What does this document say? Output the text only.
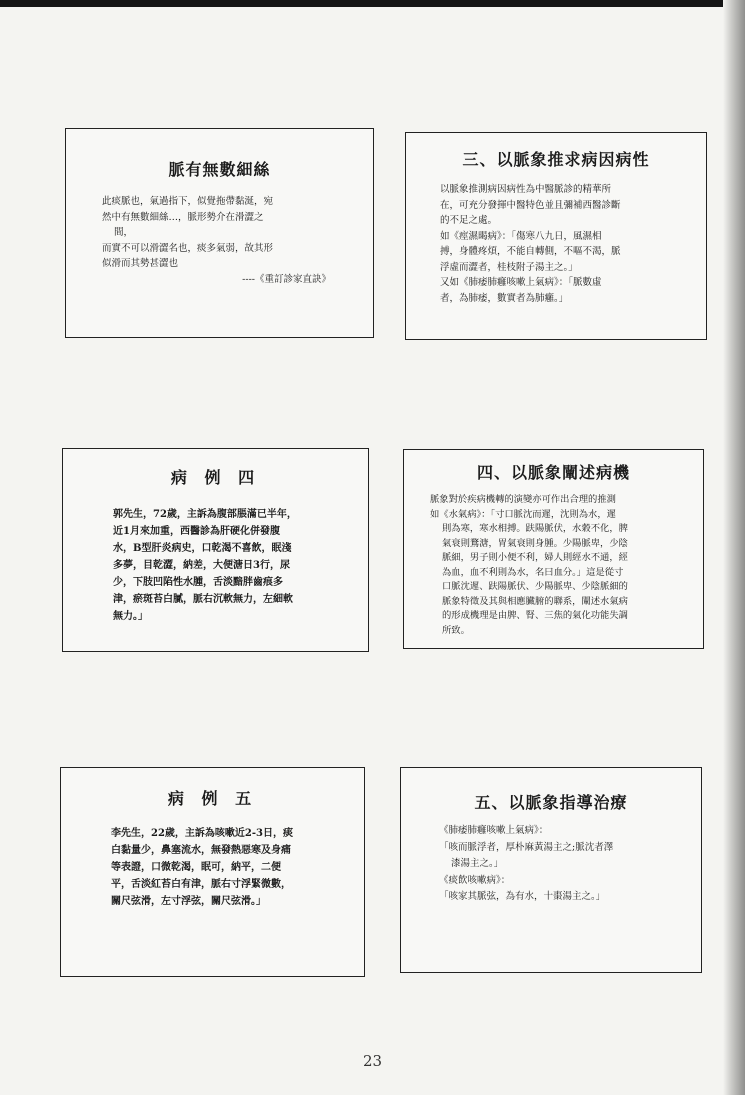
脈有無數細絲

此痰脈也，氣過指下，似覺拖帶黏涎，宛

然中有無數細絲…，脈形勢介在滑澀之

間，

而實不可以滑澀名也，痰多氣弱，故其形

似滑而其勢甚澀也

----《重訂診家直訣》

三、以脈象推求病因病性

以脈象推測病因病性為中醫脈診的精華所

在，可充分發揮中醫特色並且彌補西醫診斷

的不足之處。

如《痙濕暍病》：「傷寒八九日，風濕相

搏，身體疼煩，不能自轉側，不嘔不渴，脈

浮虛而澀者，桂枝附子湯主之。」

又如《肺痿肺癰咳嗽上氣病》：「脈數虛

者，為肺痿，數實者為肺癰。」

病 例 四

郭先生，72歲，主訴為腹部脹滿已半年，

近1月來加重，西醫診為肝硬化併發腹

水，B型肝炎病史，口乾渴不喜飲，眠淺

多夢，目乾澀，納差，大便溏日3行，尿

少，下肢凹陷性水腫，舌淡黯胖齒痕多

津，瘀斑苔白膩，脈右沉軟無力，左細軟

無力。」

四、以脈象闡述病機

脈象對於疾病機轉的演變亦可作出合理的推測

如《水氣病》：「寸口脈沈而遲，沈則為水，遲

則為寒，寒水相搏。趺陽脈伏，水穀不化，脾

氣衰則鶩溏，胃氣衰則身腫。少陽脈卑，少陰

脈細，男子則小便不利，婦人則經水不通，經

為血，血不利則為水，名曰血分。」這是從寸

口脈沈遲、趺陽脈伏、少陽脈卑、少陰脈細的

脈象特徵及其與相應臟腑的聯系，闡述水氣病

的形成機理是由脾、腎、三焦的氣化功能失調

所致。

病 例 五

李先生，22歲，主訴為咳嗽近2-3日，痰

白黏量少，鼻塞流水，無發熱惡寒及身痛

等表證，口微乾渴，眠可，納平，二便

平，舌淡紅苔白有津，脈右寸浮緊微數，

關尺弦滑，左寸浮弦，關尺弦滑。」

五、以脈象指導治療

《肺痿肺癰咳嗽上氣病》：

「咳而脈浮者，厚朴麻黃湯主之;脈沈者澤

漆湯主之。」

《痰飲咳嗽病》：

「咳家其脈弦，為有水，十棗湯主之。」

23
